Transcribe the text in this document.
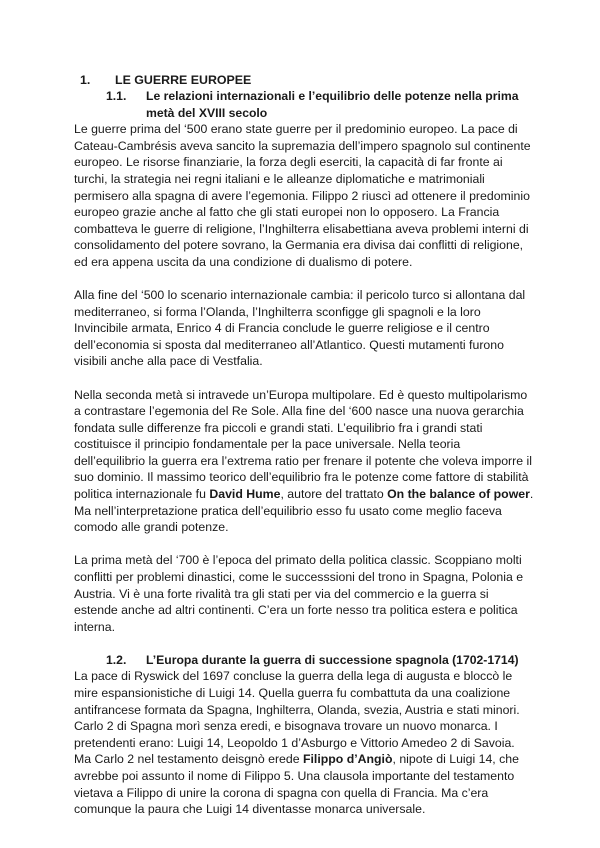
1. LE GUERRE EUROPEE
1.1.	Le relazioni internazionali e l’equilibrio delle potenze nella prima metà del XVIII secolo

Le guerre prima del ‘500 erano state guerre per il predominio europeo. La pace di Cateau-Cambrésis aveva sancito la supremazia dell’impero spagnolo sul continente europeo. Le risorse finanziarie, la forza degli eserciti, la capacità di far fronte ai turchi, la strategia nei regni italiani e le alleanze diplomatiche e matrimoniali permisero alla spagna di avere l’egemonia. Filippo 2 riuscì ad ottenere il predominio europeo grazie anche al fatto che gli stati europei non lo opposero. La Francia combatteva le guerre di religione, l’Inghilterra elisabettiana aveva problemi interni di consolidamento del potere sovrano, la Germania era divisa dai conflitti di religione, ed era appena uscita da una condizione di dualismo di potere.

Alla fine del ‘500 lo scenario internazionale cambia: il pericolo turco si allontana dal mediterraneo, si forma l’Olanda, l’Inghilterra sconfigge gli spagnoli e la loro Invincibile armata, Enrico 4 di Francia conclude le guerre religiose e il centro dell’economia si sposta dal mediterraneo all’Atlantico. Questi mutamenti furono visibili anche alla pace di Vestfalia.

Nella seconda metà si intravede un’Europa multipolare. Ed è questo multipolarismo a contrastare l’egemonia del Re Sole. Alla fine del ‘600 nasce una nuova gerarchia fondata sulle differenze fra piccoli e grandi stati. L’equilibrio fra i grandi stati costituisce il principio fondamentale per la pace universale. Nella teoria dell’equilibrio la guerra era l’extrema ratio per frenare il potente che voleva imporre il suo dominio. Il massimo teorico dell’equilibrio fra le potenze come fattore di stabilità politica internazionale fu David Hume, autore del trattato On the balance of power. Ma nell’interpretazione pratica dell’equilibrio esso fu usato come meglio faceva comodo alle grandi potenze.

La prima metà del ‘700 è l’epoca del primato della politica classic. Scoppiano molti conflitti per problemi dinastici, come le successsioni del trono in Spagna, Polonia e Austria. Vi è una forte rivalità tra gli stati per via del commercio e la guerra si estende anche ad altri continenti. C’era un forte nesso tra politica estera e politica interna.

1.2.	L’Europa durante la guerra di successione spagnola (1702-1714)

La pace di Ryswick del 1697 concluse la guerra della lega di augusta e bloccò le mire espansionistiche di Luigi 14. Quella guerra fu combattuta da una coalizione antifrancese formata da Spagna, Inghilterra, Olanda, svezia, Austria e stati minori. Carlo 2 di Spagna morì senza eredi, e bisognava trovare un nuovo monarca. I pretendenti erano: Luigi 14, Leopoldo 1 d’Asburgo e Vittorio Amedeo 2 di Savoia. Ma Carlo 2 nel testamento deisgnò erede Filippo d’Angiò, nipote di Luigi 14, che avrebbe poi assunto il nome di Filippo 5. Una clausola importante del testamento vietava a Filippo di unire la corona di spagna con quella di Francia. Ma c’era comunque la paura che Luigi 14 diventasse monarca universale.
